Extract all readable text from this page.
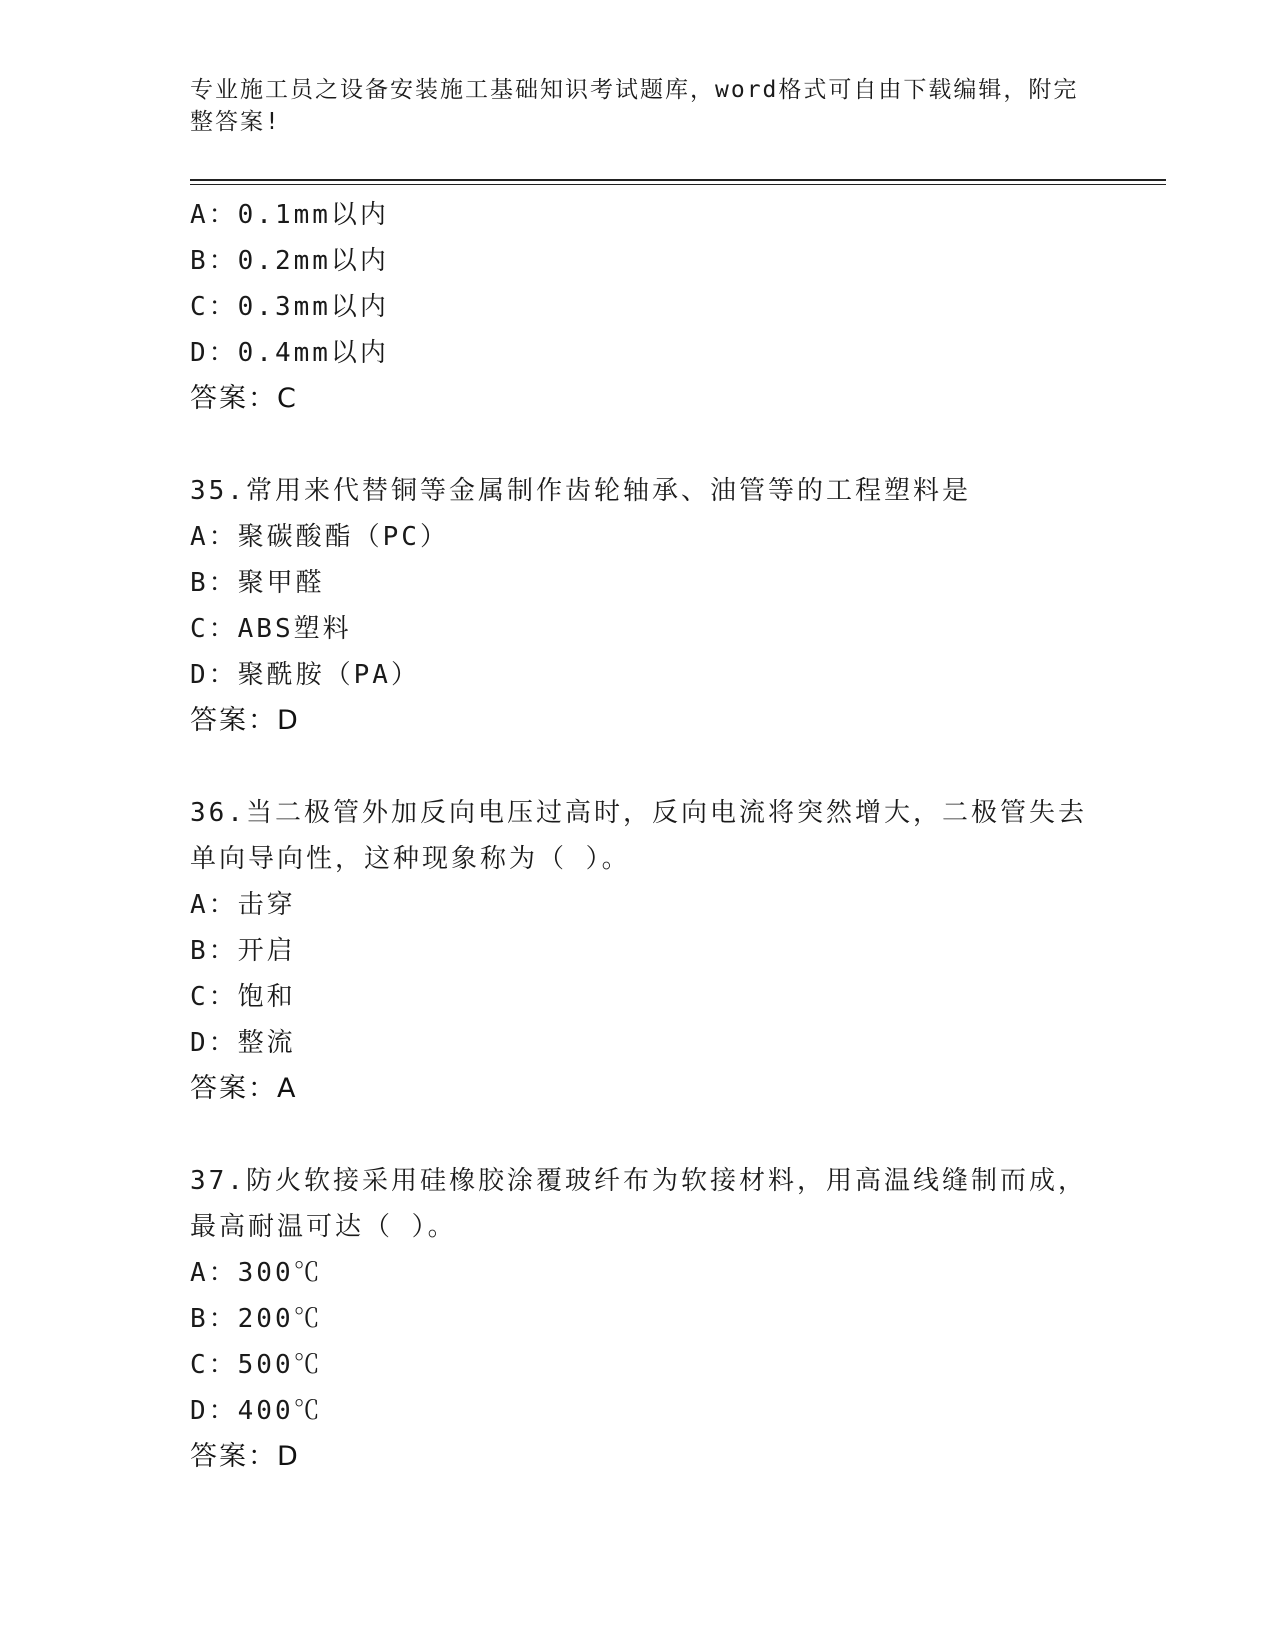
专业施工员之设备安装施工基础知识考试题库，word格式可自由下载编辑，附完
整答案!
A：0.1mm以内
B：0.2mm以内
C：0.3mm以内
D：0.4mm以内
答案：C
35.常用来代替铜等金属制作齿轮轴承、油管等的工程塑料是
A：聚碳酸酯（PC）
B：聚甲醛
C：ABS塑料
D：聚酰胺（PA）
答案：D
36.当二极管外加反向电压过高时，反向电流将突然增大，二极管失去
单向导向性，这种现象称为（ ）。
A：击穿
B：开启
C：饱和
D：整流
答案：A
37.防火软接采用硅橡胶涂覆玻纤布为软接材料，用高温线缝制而成，
最高耐温可达（ ）。
A：300℃
B：200℃
C：500℃
D：400℃
答案：D
